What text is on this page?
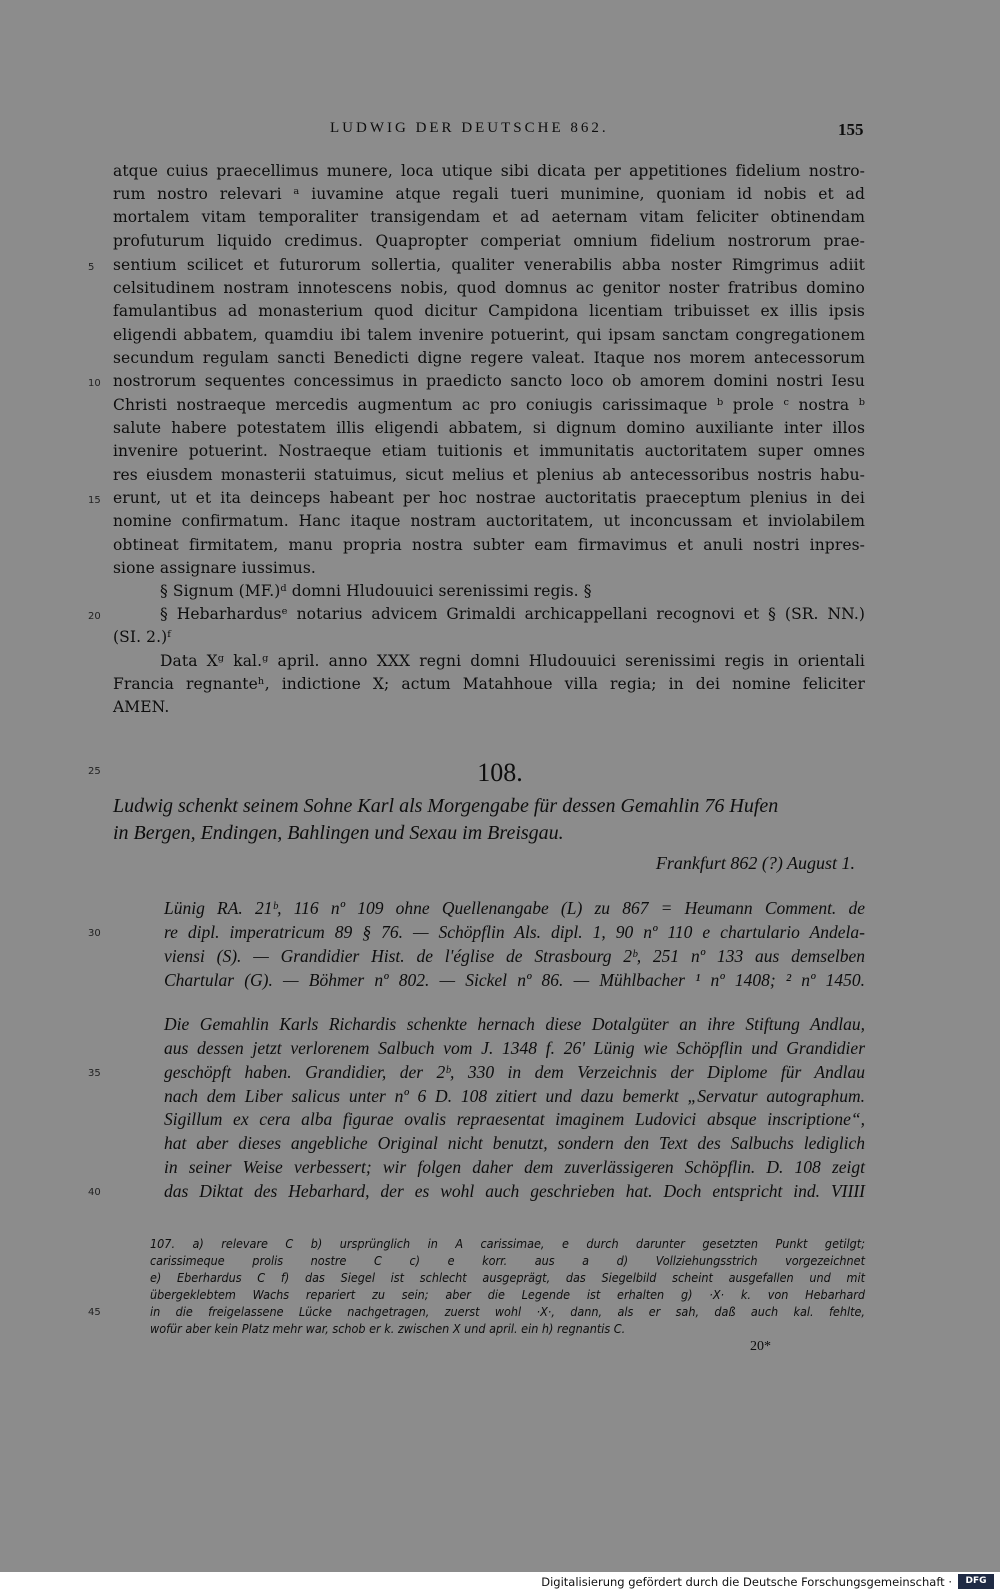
LUDWIG DER DEUTSCHE 862.	155
atque cuius praecellimus munere, loca utique sibi dicata per appetitiones fidelium nostro-
rum nostro relevari ᵃ iuvamine atque regali tueri munimine, quoniam id nobis et ad
mortalem vitam temporaliter transigendam et ad aeternam vitam feliciter obtinendam
profuturum liquido credimus. Quapropter comperiat omnium fidelium nostrorum prae-
5 sentium scilicet et futurorum sollertia, qualiter venerabilis abba noster Rimgrimus adiit
celsitudinem nostram innotescens nobis, quod domnus ac genitor noster fratribus domino
famulantibus ad monasterium quod dicitur Campidona licentiam tribuisset ex illis ipsis
eligendi abbatem, quamdiu ibi talem invenire potuerint, qui ipsam sanctam congregationem
secundum regulam sancti Benedicti digne regere valeat. Itaque nos morem antecessorum
10 nostrorum sequentes concessimus in praedicto sancto loco ob amorem domini nostri Iesu
Christi nostraeque mercedis augmentum ac pro coniugis carissimaque ᵇ prole ᶜ nostra ᵇ
salute habere potestatem illis eligendi abbatem, si dignum domino auxiliante inter illos
invenire potuerint. Nostraeque etiam tuitionis et immunitatis auctoritatem super omnes
res eiusdem monasterii statuimus, sicut melius et plenius ab antecessoribus nostris habu-
15 erunt, ut et ita deinceps habeant per hoc nostrae auctoritatis praeceptum plenius in dei
nomine confirmatum. Hanc itaque nostram auctoritatem, ut inconcussam et inviolabilem
obtineat firmitatem, manu propria nostra subter eam firmavimus et anuli nostri inpres-
sione assignare iussimus.
§ Signum (MF.)ᵈ domni Hludouuici serenissimi regis. §
20	§ Hebarhardusᵉ notarius advicem Grimaldi archicappellani recognovi et § (SR. NN.)
(SI. 2.)ᶠ
Data Xᵍ kal.ᵍ april. anno XXX regni domni Hludouuici serenissimi regis in orientali
Francia regnanteʰ, indictione X; actum Matahhoue villa regia; in dei nomine feliciter
AMEN.
25	108.
Ludwig schenkt seinem Sohne Karl als Morgengabe für dessen Gemahlin 76 Hufen
in Bergen, Endingen, Bahlingen und Sexau im Breisgau.
Frankfurt 862 (?) August 1.
Lünig RA. 21ᵇ, 116 nº 109 ohne Quellenangabe (L) zu 867 = Heumann Comment. de
30	re dipl. imperatricum 89 § 76. — Schöpflin Als. dipl. 1, 90 nº 110 e chartulario Andela-
viensi (S). — Grandidier Hist. de l'église de Strasbourg 2ᵇ, 251 nº 133 aus demselben
Chartular (G). — Böhmer nº 802. — Sickel nº 86. — Mühlbacher ¹ nº 1408; ² nº 1450.
Die Gemahlin Karls Richardis schenkte hernach diese Dotalgüter an ihre Stiftung Andlau,
aus dessen jetzt verlorenem Salbuch vom J. 1348 f. 26' Lünig wie Schöpflin und Grandidier
35	geschöpft haben. Grandidier, der 2ᵇ, 330 in dem Verzeichnis der Diplome für Andlau
nach dem Liber salicus unter nº 6 D. 108 zitiert und dazu bemerkt „Servatur autographum.
Sigillum ex cera alba figurae ovalis repraesentat imaginem Ludovici absque inscriptione“,
hat aber dieses angebliche Original nicht benutzt, sondern den Text des Salbuchs lediglich
in seiner Weise verbessert; wir folgen daher dem zuverlässigeren Schöpflin. D. 108 zeigt
40	das Diktat des Hebarhard, der es wohl auch geschrieben hat. Doch entspricht ind. VIIII
107. a) relevare C b) ursprünglich in A carissimae, e durch darunter gesetzten Punkt getilgt;
carissimeque prolis nostre C c) e korr. aus a d) Vollziehungsstrich vorgezeichnet
e) Eberhardus C f) das Siegel ist schlecht ausgeprägt, das Siegelbild scheint ausgefallen und mit
übergeklebtem Wachs repariert zu sein; aber die Legende ist erhalten g) ·X· k. von Hebarhard
45	in die freigelassene Lücke nachgetragen, zuerst wohl ·X·, dann, als er sah, daß auch kal. fehlte,
wofür aber kein Platz mehr war, schob er k. zwischen X und april. ein h) regnantis C.
20*
Digitalisierung gefördert durch die Deutsche Forschungsgemeinschaft ·	DFG
